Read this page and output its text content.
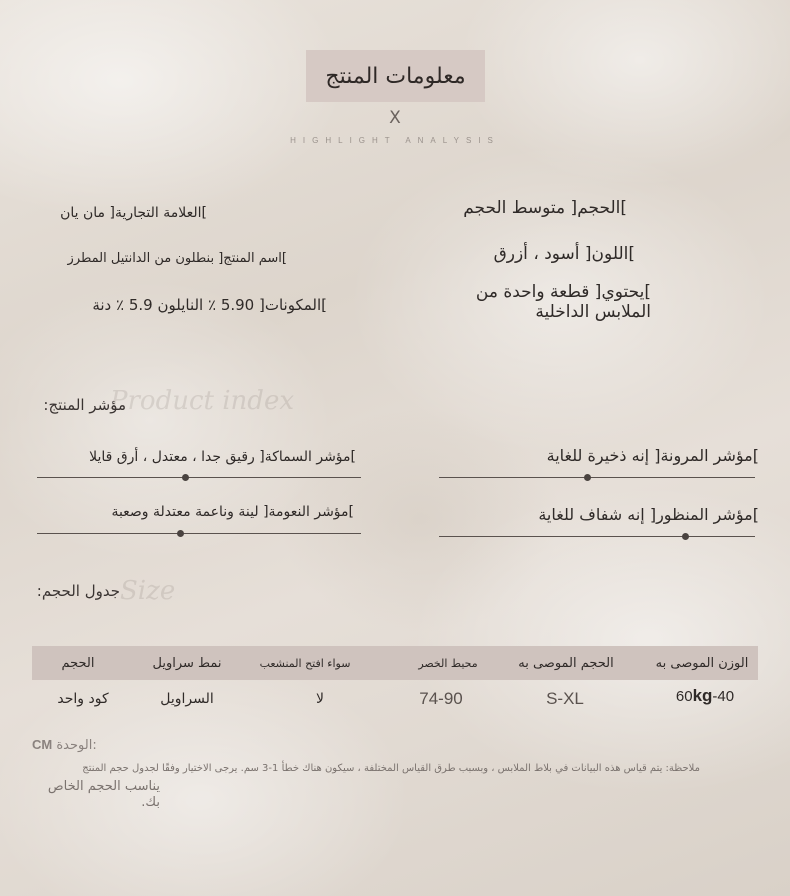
معلومات المنتج
X
HIGHLIGHT ANALYSIS
]الحجم[ متوسط الحجم
]اللون[ أسود ، أزرق
]يحتوي[ قطعة واحدة من
الملابس الداخلية
]العلامة التجارية[ مان يان
]اسم المنتج[ بنطلون من الدانتيل المطرز
]المكونات[ 5.90 ٪ النايلون 5.9 ٪ دنة
Product index
مؤشر المنتج:
]مؤشر المرونة[ إنه ذخيرة للغاية
]مؤشر السماكة[ رقيق جدا ، معتدل ، أرق قايلا
]مؤشر المنظور[ إنه شفاف للغاية
]مؤشر النعومة[ لينة وناعمة معتدلة وصعبة
Size
جدول الحجم:
الحجم	نمط سراويل	سواء افتح المنشعب	محيط الخصر	الحجم الموصى به	الوزن الموصى به
كود واحد	السراويل	لا	74-90	S-XL	60 kg -40
CM الوحدة:
ملاحظة: يتم قياس هذه البيانات في بلاط الملابس ، وبسبب طرق القياس المختلفة ، سيكون هناك خطأ 1-3 سم. يرجى الاختيار وفقًا لجدول حجم المنتج
يناسب الحجم الخاص
بك.
